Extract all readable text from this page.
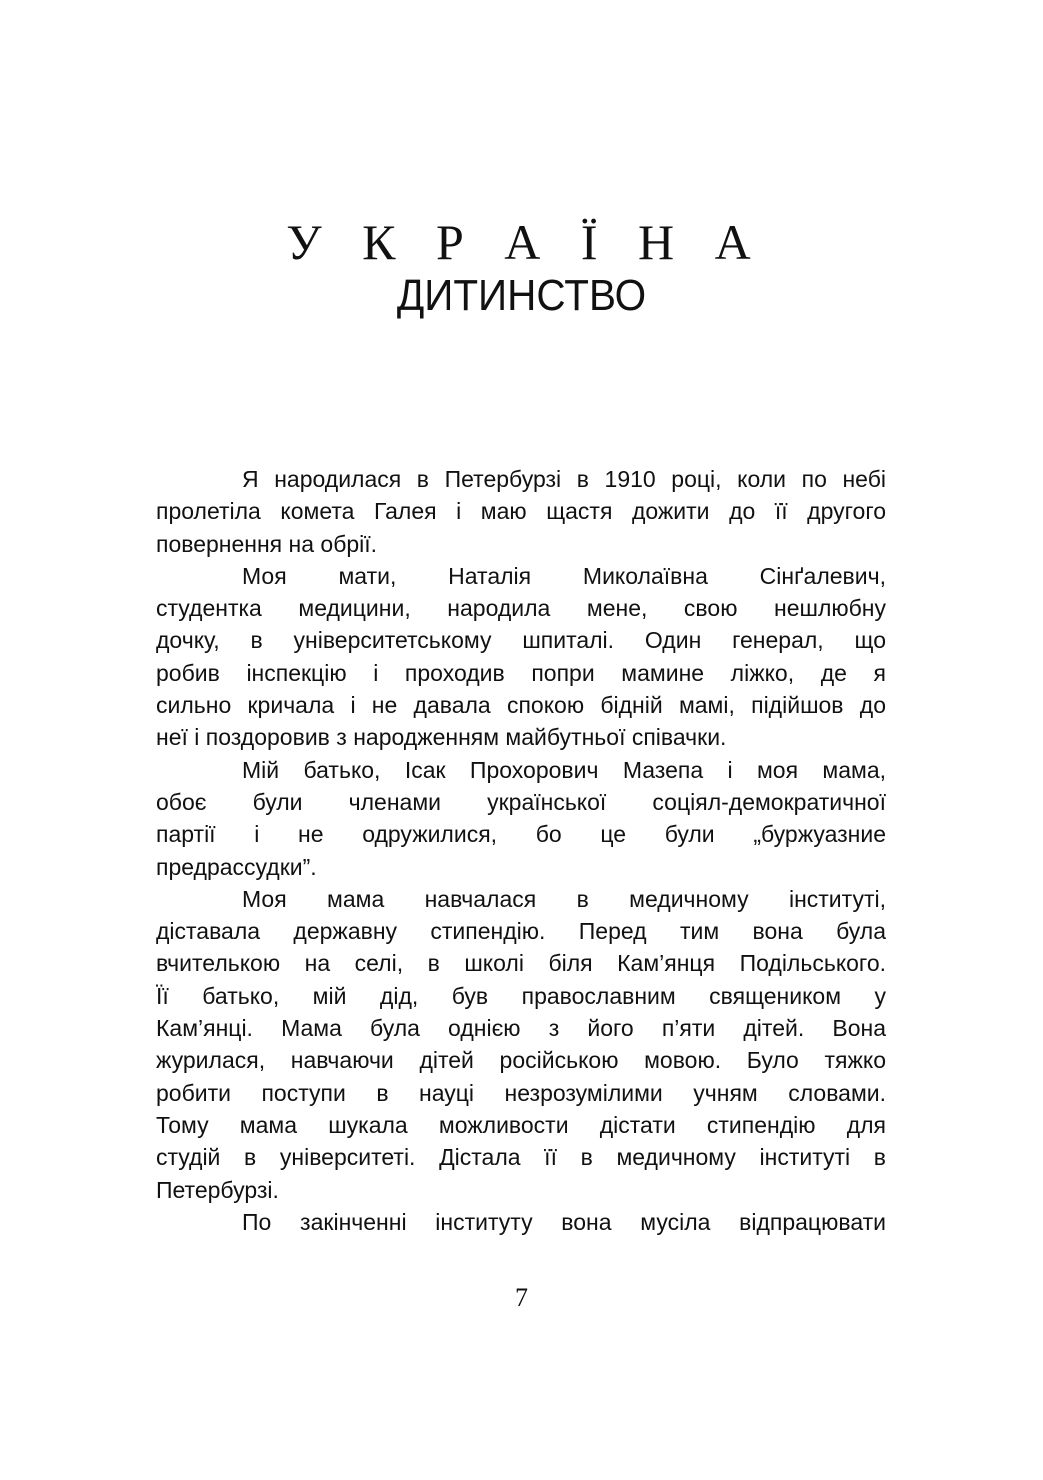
У К Р А Ї Н А
ДИТИНСТВО
Я народилася в Петербурзі в 1910 році, коли по небі
пролетіла комета Галея і маю щастя дожити до її другого
повернення на обрії.
Моя мати, Наталія Миколаївна Сінґалевич,
студентка медицини, народила мене, свою нешлюбну
дочку, в університетському шпиталі. Один генерал, що
робив інспекцію і проходив попри мамине ліжко, де я
сильно кричала і не давала спокою бідній мамі, підійшов до
неї і поздоровив з народженням майбутньої співачки.
Мій батько, Ісак Прохорович Мазепа і моя мама,
обоє були членами української соціял-демократичної
партії і не одружилися, бо це були „буржуазние
предрассудки”.
Моя мама навчалася в медичному інституті,
діставала державну стипендію. Перед тим вона була
вчителькою на селі, в школі біля Кам’янця Подільського.
Її батько, мій дід, був православним священиком у
Кам’янці. Мама була однією з його п’яти дітей. Вона
журилася, навчаючи дітей російською мовою. Було тяжко
робити поступи в науці незрозумілими учням словами.
Тому мама шукала можливости дістати стипендію для
студій в університеті. Дістала її в медичному інституті в
Петербурзі.
По закінченні інституту вона мусіла відпрацювати
7
